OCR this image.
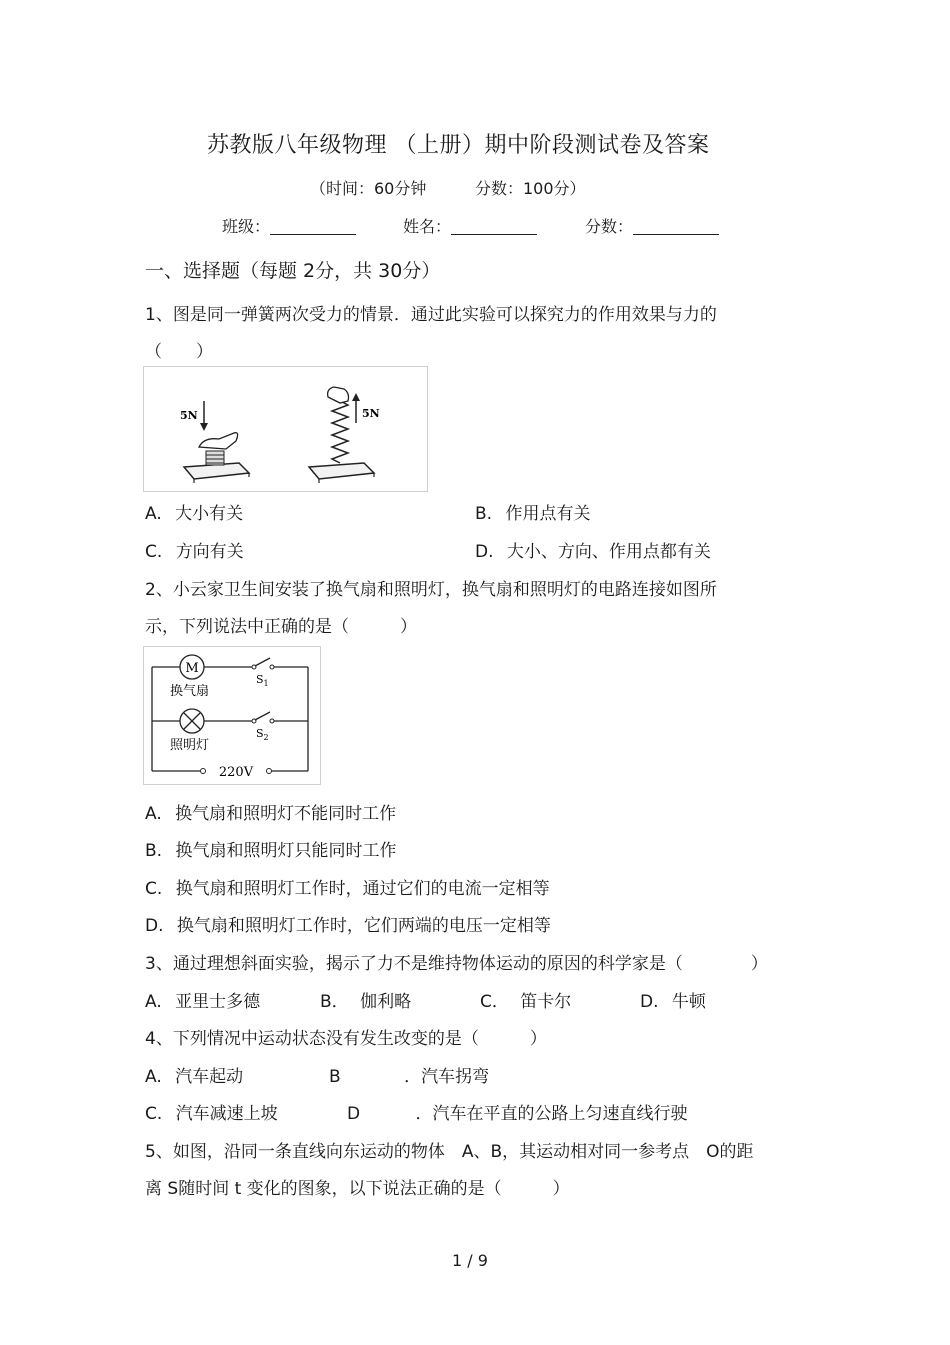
苏教版八年级物理 （上册）期中阶段测试卷及答案
（时间：60分钟	分数：100分）
班级：	姓名：	分数：
一、选择题（每题 2分，共 30分）
1、图是同一弹簧两次受力的情景．通过此实验可以探究力的作用效果与力的
（　　）
5N	5N
A. 大小有关	B. 作用点有关
C. 方向有关	D. 大小、方向、作用点都有关
2、小云家卫生间安装了换气扇和照明灯，换气扇和照明灯的电路连接如图所
示，下列说法中正确的是（　　　）
M
$S_1$
换气扇
$S_2$
照明灯
220V
A. 换气扇和照明灯不能同时工作
B. 换气扇和照明灯只能同时工作
C. 换气扇和照明灯工作时，通过它们的电流一定相等
D. 换气扇和照明灯工作时，它们两端的电压一定相等
3、通过理想斜面实验，揭示了力不是维持物体运动的原因的科学家是（　　　　）
A. 亚里士多德	B． 伽利略	C． 笛卡尔	D. 牛顿
4、下列情况中运动状态没有发生改变的是（　　　）
A. 汽车起动	B	．汽车拐弯
C. 汽车减速上坡	D	．汽车在平直的公路上匀速直线行驶
5、如图，沿同一条直线向东运动的物体　A、B，其运动相对同一参考点　O的距
离 S随时间 t 变化的图象，以下说法正确的是（　　　）
1 / 9
